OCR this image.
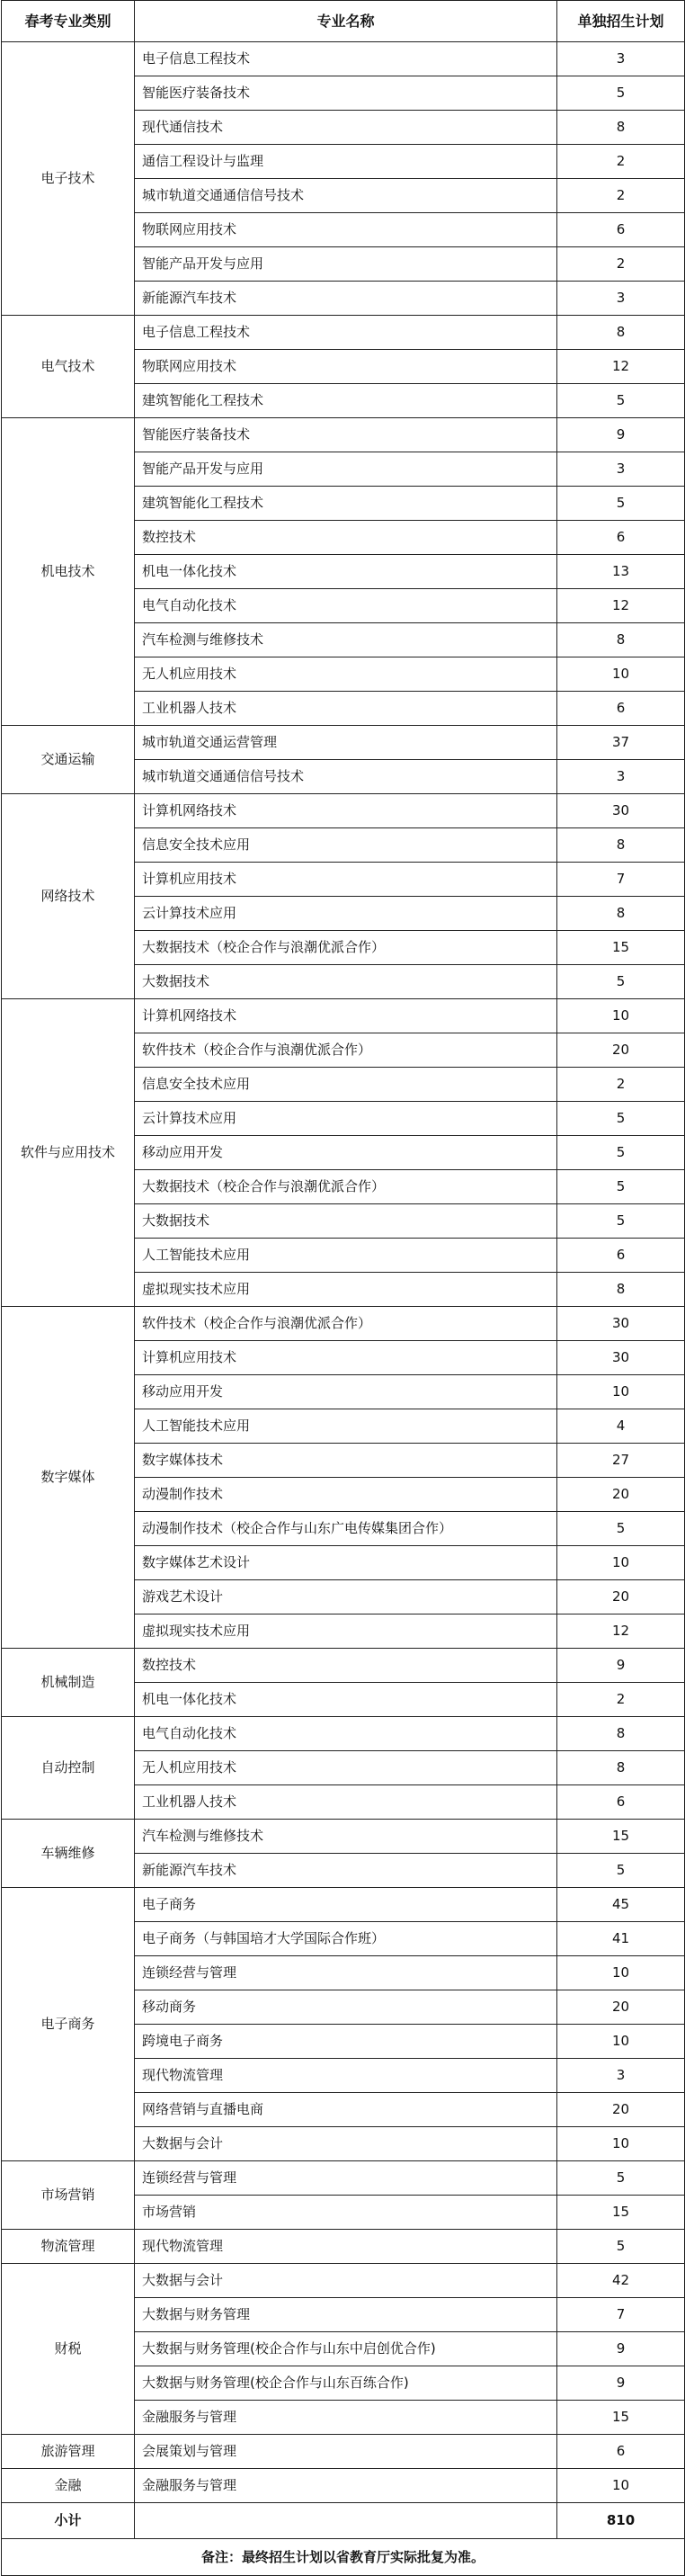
春考专业类别	专业名称	单独招生计划
电子技术	电子信息工程技术	3
	智能医疗装备技术	5
	现代通信技术	8
	通信工程设计与监理	2
	城市轨道交通通信信号技术	2
	物联网应用技术	6
	智能产品开发与应用	2
	新能源汽车技术	3
电气技术	电子信息工程技术	8
	物联网应用技术	12
	建筑智能化工程技术	5
机电技术	智能医疗装备技术	9
	智能产品开发与应用	3
	建筑智能化工程技术	5
	数控技术	6
	机电一体化技术	13
	电气自动化技术	12
	汽车检测与维修技术	8
	无人机应用技术	10
	工业机器人技术	6
交通运输	城市轨道交通运营管理	37
	城市轨道交通通信信号技术	3
网络技术	计算机网络技术	30
	信息安全技术应用	8
	计算机应用技术	7
	云计算技术应用	8
	大数据技术（校企合作与浪潮优派合作）	15
	大数据技术	5
软件与应用技术	计算机网络技术	10
	软件技术（校企合作与浪潮优派合作）	20
	信息安全技术应用	2
	云计算技术应用	5
	移动应用开发	5
	大数据技术（校企合作与浪潮优派合作）	5
	大数据技术	5
	人工智能技术应用	6
	虚拟现实技术应用	8
数字媒体	软件技术（校企合作与浪潮优派合作）	30
	计算机应用技术	30
	移动应用开发	10
	人工智能技术应用	4
	数字媒体技术	27
	动漫制作技术	20
	动漫制作技术（校企合作与山东广电传媒集团合作）	5
	数字媒体艺术设计	10
	游戏艺术设计	20
	虚拟现实技术应用	12
机械制造	数控技术	9
	机电一体化技术	2
自动控制	电气自动化技术	8
	无人机应用技术	8
	工业机器人技术	6
车辆维修	汽车检测与维修技术	15
	新能源汽车技术	5
电子商务	电子商务	45
	电子商务（与韩国培才大学国际合作班）	41
	连锁经营与管理	10
	移动商务	20
	跨境电子商务	10
	现代物流管理	3
	网络营销与直播电商	20
	大数据与会计	10
市场营销	连锁经营与管理	5
	市场营销	15
物流管理	现代物流管理	5
财税	大数据与会计	42
	大数据与财务管理	7
	大数据与财务管理(校企合作与山东中启创优合作)	9
	大数据与财务管理(校企合作与山东百练合作)	9
	金融服务与管理	15
旅游管理	会展策划与管理	6
金融	金融服务与管理	10
小计		810
备注：最终招生计划以省教育厅实际批复为准。		
